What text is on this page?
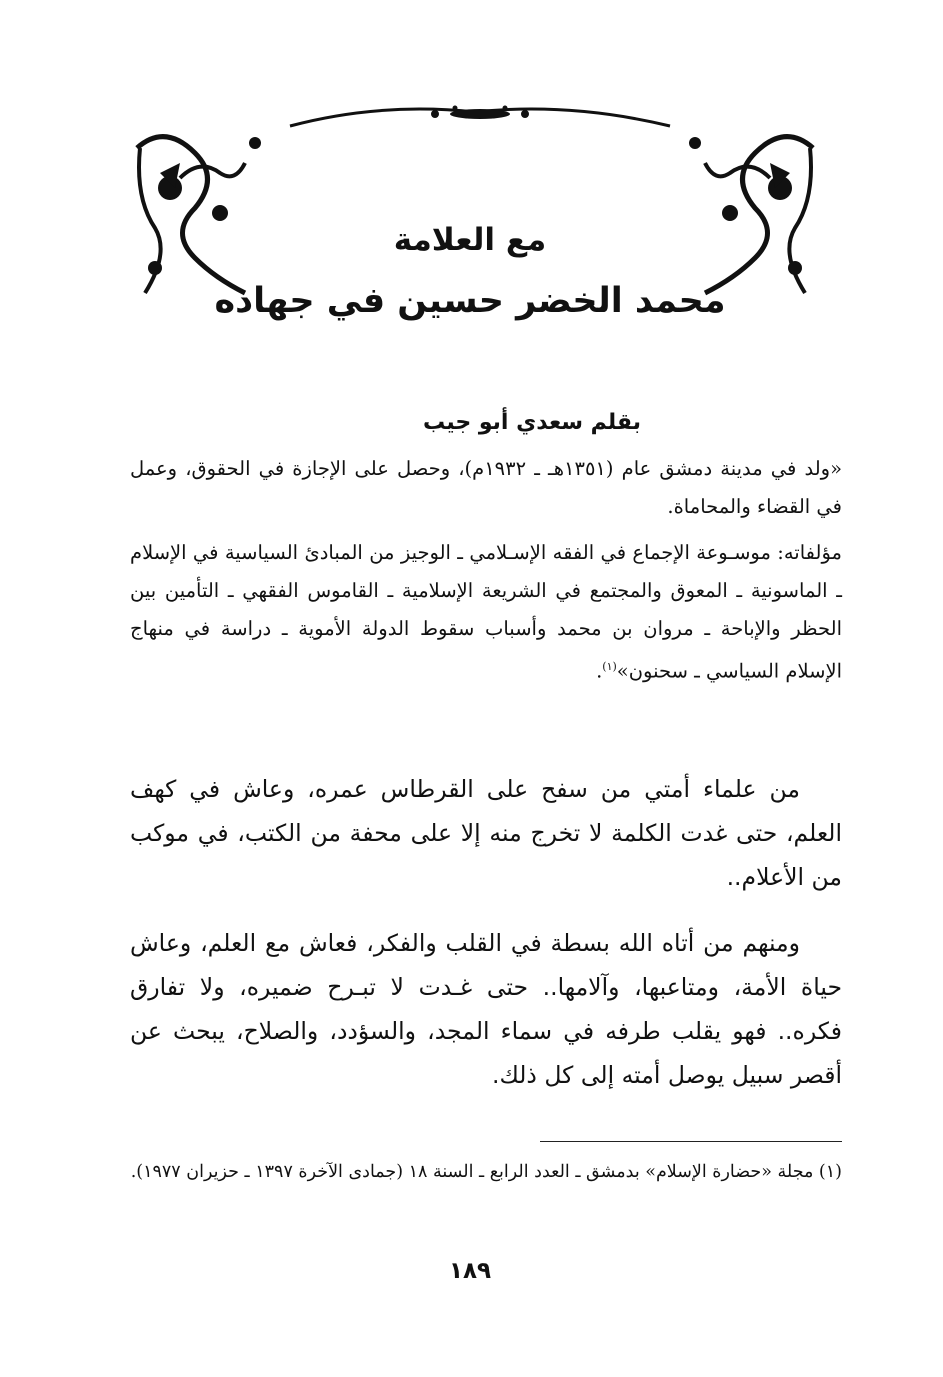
مع العلامة
محمد الخضر حسين في جهاده
بقلم سعدي أبو جيب
«ولد في مدينة دمشق عام (١٣٥١هـ ـ ١٩٣٢م)، وحصل على الإجازة في الحقوق، وعمل في القضاء والمحاماة.
مؤلفاته: موسـوعة الإجماع في الفقه الإسـلامي ـ الوجيز من المبادئ السياسية في الإسلام ـ الماسونية ـ المعوق والمجتمع في الشريعة الإسلامية ـ القاموس الفقهي ـ التأمين بين الحظر والإباحة ـ مروان بن محمد وأسباب سقوط الدولة الأموية ـ دراسة في منهاج الإسلام السياسي ـ سحنون»$^{(١)}$.
من علماء أمتي من سفح على القرطاس عمره، وعاش في كهف العلم، حتى غدت الكلمة لا تخرج منه إلا على محفة من الكتب، في موكب من الأعلام..
ومنهم من أتاه الله بسطة في القلب والفكر، فعاش مع العلم، وعاش حياة الأمة، ومتاعبها، وآلامها.. حتى غـدت لا تبـرح ضميره، ولا تفارق فكره.. فهو يقلب طرفه في سماء المجد، والسؤدد، والصلاح، يبحث عن أقصر سبيل يوصل أمته إلى كل ذلك.
(١) مجلة «حضارة الإسلام» بدمشق ـ العدد الرابع ـ السنة ١٨ (جمادى الآخرة ١٣٩٧ ـ حزيران ١٩٧٧).
١٨٩
